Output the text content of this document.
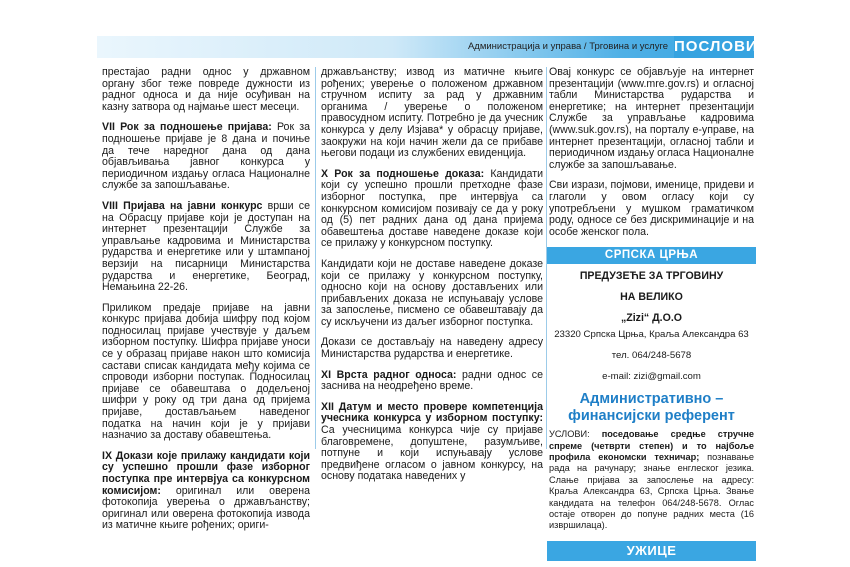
Администрација и управа / Трговина и услуге ПОСЛОВИ

престајао радни однос у државном органу због теже повреде дужности из радног односа и да није осуђиван на казну затвора од најмање шест месеци.

VII Рок за подношење пријава: Рок за подношење пријаве је 8 дана и почиње да тече наредног дана од дана објављивања јавног конкурса у периодичном издању огласа Националне службе за запошљавање.

VIII Пријава на јавни конкурс врши се на Обрасцу пријаве који је доступан на интернет презентацији Службе за управљање кадровима и Министарства рударства и енергетике или у штампаној верзији на писарници Министарства рударства и енергетике, Београд, Немањина 22-26.

Приликом предаје пријаве на јавни конкурс пријава добија шифру под којом подносилац пријаве учествује у даљем изборном поступку. Шифра пријаве уноси се у образац пријаве након што комисија састави списак кандидата међу којима се спроводи изборни поступак. Подносилац пријаве се обавештава о додељеној шифри у року од три дана од пријема пријаве, достављањем наведеног податка на начин који је у пријави назначио за доставу обавештења.

IX Докази које прилажу кандидати који су успешно прошли фазе изборног поступка пре интервјуа са конкурсном комисијом: оригинал или оверена фотокопија уверења о држављанству; оригинал или оверена фотокопија извода из матичне књиге рођених; ориги-

држављанству; извод из матичне књиге рођених; уверење о положеном државном стручном испиту за рад у државним органима / уверење о положеном правосудном испиту. Потребно је да учесник конкурса у делу Изјава* у обрасцу пријаве, заокружи на који начин жели да се прибаве његови подаци из службених евиденција.

X Рок за подношење доказа: Кандидати који су успешно прошли претходне фазе изборног поступка, пре интервјуа са конкурсном комисијом позивају се да у року од (5) пет радних дана од дана пријема обавештења доставе наведене доказе који се прилажу у конкурсном поступку.

Кандидати који не доставе наведене доказе који се прилажу у конкурсном поступку, односно који на основу достављених или прибављених доказа не испуњавају услове за запослење, писмено се обавештавају да су искључени из даљег изборног поступка.

Докази се достављају на наведену адресу Министарства рударства и енергетике.

XI Врста радног односа: радни однос се заснива на неодређено време.

XII Датум и место провере компетенција учесника конкурса у изборном поступку: Са учесницима конкурса чије су пријаве благовремене, допуштене, разумљиве, потпуне и који испуњавају услове предвиђене огласом о јавном конкурсу, на основу података наведених у

Овај конкурс се објављује на интернет презентацији (www.mre.gov.rs) и огласној табли Министарства рударства и енергетике; на интернет презентацији Службе за управљање кадровима (www.suk.gov.rs), на порталу е-управе, на интернет презентацији, огласној табли и периодичном издању огласа Националне службе за запошљавање.

Сви изрази, појмови, именице, придеви и глаголи у овом огласу који су употребљени у мушком граматичком роду, односе се без дискриминације и на особе женског пола.

СРПСКА ЦРЊА

ПРЕДУЗЕЋЕ ЗА ТРГОВИНУ

НА ВЕЛИКО

„Zizi“ Д.О.О

23320 Српска Црња, Краља Александра 63

тел. 064/248-5678

e-mail: zizi@gmail.com

Административно – финансијски референт

УСЛОВИ: поседовање средње стручне спреме (четврти степен) и то најбоље профила економски техничар; познавање рада на рачунару; знање енглеског језика. Слање пријава за запослење на адресу: Краља Александра 63, Српска Црња. Звање кандидата на телефон 064/248-5678. Оглас остаје отворен до попуне радних места (16 извршилаца).

УЖИЦЕ
